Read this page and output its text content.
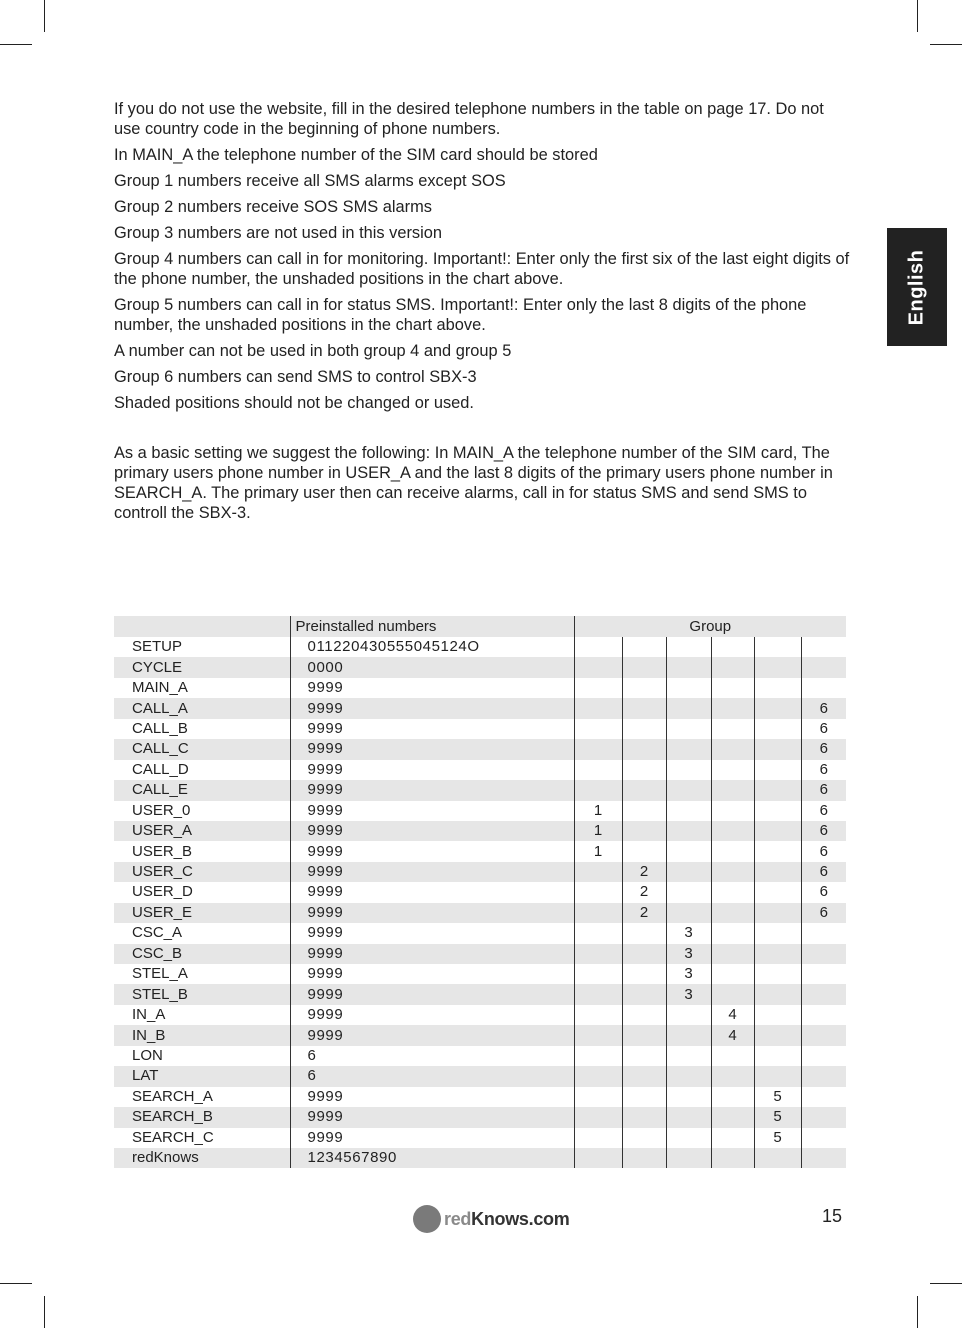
English

If you do not use the website, fill in the desired telephone numbers in the table on page 17. Do not use country code in the beginning of phone numbers.

In MAIN_A the telephone number of the SIM card should be stored

Group 1 numbers receive all SMS alarms except SOS

Group 2 numbers receive SOS SMS alarms

Group 3 numbers are not used in this version

Group 4 numbers can call in for monitoring. Important!: Enter only the first six of the last eight digits of the phone number, the unshaded positions in the chart above.

Group 5 numbers can call in for status SMS. Important!: Enter only the last 8 digits of the phone number, the unshaded positions in the chart above.

A number can not be used in both group 4 and group 5

Group 6 numbers can send SMS to control SBX-3

Shaded positions should not be changed or used.

As a basic setting we suggest the following: In MAIN_A the telephone number of the SIM card, The primary users phone number in USER_A and the last 8 digits of the primary users phone number in SEARCH_A. The primary user then can receive alarms, call in for status SMS and send SMS to controll the SBX-3.

	Preinstalled numbers	Group					
SETUP	011220430555045124O						
CYCLE	0000						
MAIN_A	9999						
CALL_A	9999						6
CALL_B	9999						6
CALL_C	9999						6
CALL_D	9999						6
CALL_E	9999						6
USER_0	9999	1					6
USER_A	9999	1					6
USER_B	9999	1					6
USER_C	9999		2				6
USER_D	9999		2				6
USER_E	9999		2				6
CSC_A	9999			3			
CSC_B	9999			3			
STEL_A	9999			3			
STEL_B	9999			3			
IN_A	9999				4		
IN_B	9999				4		
LON	6						
LAT	6						
SEARCH_A	9999					5	
SEARCH_B	9999					5	
SEARCH_C	9999					5	
redKnows	1234567890						
redKnows.com	15
